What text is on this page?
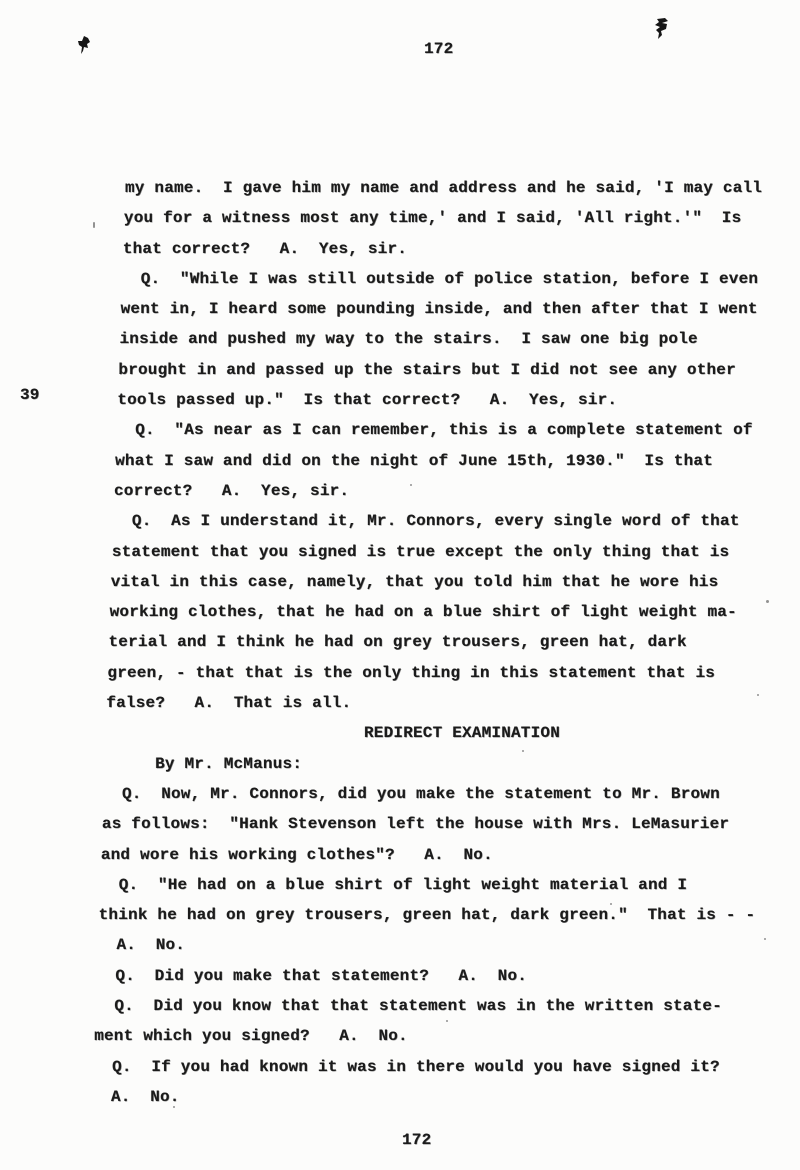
172
39
my name.  I gave him my name and address and he said, 'I may call
you for a witness most any time,' and I said, 'All right.'"  Is
that correct?   A.  Yes, sir.
Q.  "While I was still outside of police station, before I even
went in, I heard some pounding inside, and then after that I went
inside and pushed my way to the stairs.  I saw one big pole
brought in and passed up the stairs but I did not see any other
tools passed up."  Is that correct?   A.  Yes, sir.
Q.  "As near as I can remember, this is a complete statement of
what I saw and did on the night of June 15th, 1930."  Is that
correct?   A.  Yes, sir.
Q.  As I understand it, Mr. Connors, every single word of that
statement that you signed is true except the only thing that is
vital in this case, namely, that you told him that he wore his
working clothes, that he had on a blue shirt of light weight ma-
terial and I think he had on grey trousers, green hat, dark
green, - that that is the only thing in this statement that is
false?   A.  That is all.
REDIRECT EXAMINATION
By Mr. McManus:
Q.  Now, Mr. Connors, did you make the statement to Mr. Brown
as follows:  "Hank Stevenson left the house with Mrs. LeMasurier
and wore his working clothes"?   A.  No.
Q.  "He had on a blue shirt of light weight material and I
think he had on grey trousers, green hat, dark green."  That is - -
A.  No.
Q.  Did you make that statement?   A.  No.
Q.  Did you know that that statement was in the written state-
ment which you signed?   A.  No.
Q.  If you had known it was in there would you have signed it?
A.  No.
172
